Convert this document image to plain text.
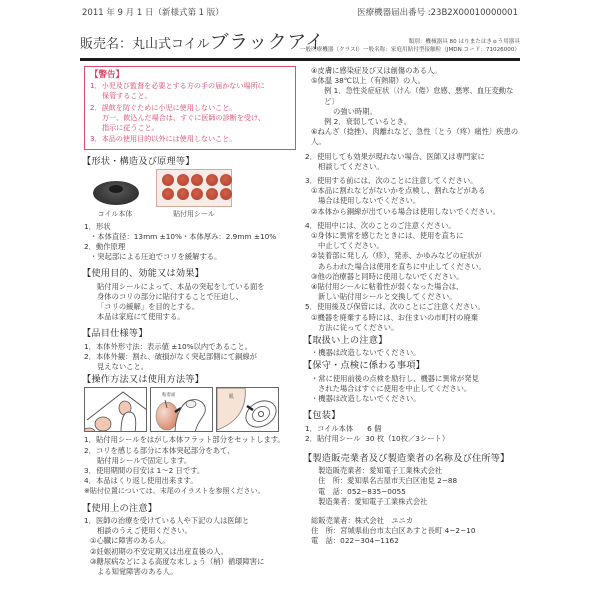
2011 年 9 月 1 日（新様式第 1 版）	医療機器届出番号 :23B2X00010000001
販売名：丸山式コイルブラックアイ	類別：機械器具 80 はりまたはきゅう用器具
一般医療機器（クラスⅠ）一般名称：家庭用貼付型接触粒（JMDN コード：71026000）
【警告】
1．小児及び監督を必要とする方の手の届かない場所に
保管すること。
2．誤飲を防ぐために小児に使用しないこと。
万一、飲込んだ場合は、すぐに医師の診断を受け、
指示に従うこと。
3．本品の使用目的以外には使用しないこと。
【形状・構造及び原理等】
コイル本体	貼付用シール
1．形状
・本体直径：13mm ±10%・本体厚み：2.9mm ±10%
2．動作原理
・突起部による圧迫でコリを緩解する。
【使用目的、効能又は効果】
貼付用シールによって、本品の突起をしている面を
身体のコリの部分に貼付することで圧迫し、
「コリの緩解」を目的とする。
本品は家庭にて使用する。
【品目仕様等】
1．本体外形寸法：表示値 ±10%以内であること。
2．本体外観：割れ、破損がなく突起部側にて銅線が
見えないこと。
【操作方法又は使用方法等】
粘着面	肌
1．貼付用シールをはがし本体フラット部分をセットします。
2．コリを感じる部分に本体突起部分をあて、
貼付用シールで固定します。
3．使用期間の目安は 1〜2 日です。
4．本品はくり返し使用出来ます。
※貼付位置については、末尾のイラストを参照ください。
【使用上の注意】
1．医師の治療を受けている人や下記の人は医師と
相談のうえご使用ください。
①心臓に障害のある人。
②妊娠初期の不安定期又は出産直後の人。
③糖尿病などによる高度な末しょう（梢）循環障害に
よる知覚障害のある人。
④皮膚に感染症及び又は創傷のある人。
⑤体温 38℃以上（有熱期）の人。
例 1．急性炎症症状〔けん（倦）怠感、悪寒、血圧変動など〕
の強い時期。
例 2．衰弱しているとき。
⑥ねんざ（捻挫）、肉離れなど、急性〔とう（疼）痛性〕疾患の人。
2．使用しても効果が現れない場合、医師又は専門家に
相談してください。
3．使用する前には、次のことに注意してください。
①本品に割れなどがないかを点検し、割れなどがある
場合は使用しないでください。
②本体から銅線が出ている場合は使用しないでください。
4．使用中には、次のことのご注意ください。
①身体に異常を感じたときには、使用を直ちに
中止してください。
②装着部に発しん（疹）、発赤、かゆみなどの症状が
あらわれた場合は使用を直ちに中止してください。
③他の治療器と同時に使用しないでください。
④貼付用シールに粘着性が弱くなった場合は、
新しい貼付用シールと交換してください。
5．使用後及び保管には、次のことにご注意ください。
①機器を廃棄する時には、お住まいの市町村の廃棄
方法に従ってください。
【取扱い上の注意】
・機器は改造しないでください。
【保守・点検に係わる事項】
・常に使用前後の点検を励行し、機器に異常が発見
された場合はすぐに使用を中止してください。
・機器は改造しないでください。
【包装】
1．コイル本体 6 個
2．貼付用シール 30 枚（10枚／3シート）
【製造販売業者及び製造業者の名称及び住所等】
製造販売業者：愛知電子工業株式会社
住　所：愛知県名古屋市天白区池見 2−88
電　話：052−835−0055
製造業者：愛知電子工業株式会社
総販売業者：株式会社　ユニカ
住　所：宮城県仙台市太白区あすと長町 4−2−10
電　話：022−304−1162
